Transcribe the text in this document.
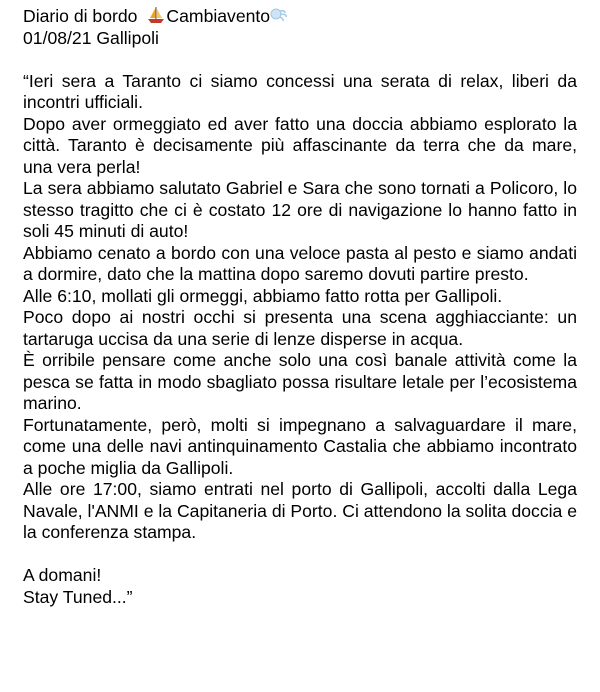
Diario di bordo Cambiavento
01/08/21 Gallipoli

“Ieri sera a Taranto ci siamo concessi una serata di relax, liberi da incontri ufficiali.

Dopo aver ormeggiato ed aver fatto una doccia abbiamo esplorato la città. Taranto è decisamente più affascinante da terra che da mare, una vera perla!

La sera abbiamo salutato Gabriel e Sara che sono tornati a Policoro, lo stesso tragitto che ci è costato 12 ore di navigazione lo hanno fatto in soli 45 minuti di auto!

Abbiamo cenato a bordo con una veloce pasta al pesto e siamo andati a dormire, dato che la mattina dopo saremo dovuti partire presto.

Alle 6:10, mollati gli ormeggi, abbiamo fatto rotta per Gallipoli.

Poco dopo ai nostri occhi si presenta una scena agghiacciante: un tartaruga uccisa da una serie di lenze disperse in acqua.

È orribile pensare come anche solo una così banale attività come la pesca se fatta in modo sbagliato possa risultare letale per l’ecosistema marino.

Fortunatamente, però, molti si impegnano a salvaguardare il mare, come una delle navi antinquinamento Castalia che abbiamo incontrato a poche miglia da Gallipoli.

Alle ore 17:00, siamo entrati nel porto di Gallipoli, accolti dalla Lega Navale, l'ANMI e la Capitaneria di Porto. Ci attendono la solita doccia e la conferenza stampa.

A domani!
Stay Tuned...”
